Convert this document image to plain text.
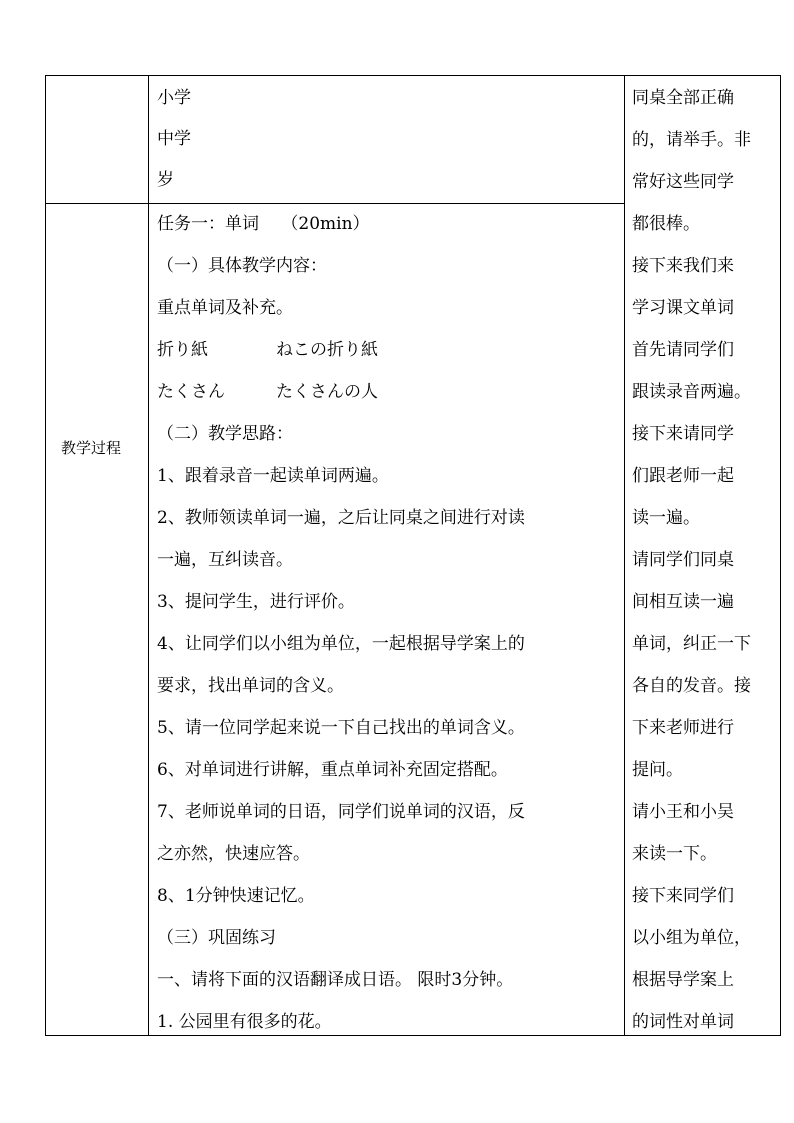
小学
中学
岁
教学过程
任务一：单词　 （20min）
（一）具体教学内容：
重点单词及补充。
折り紙　　　　ねこの折り紙
たくさん　　　たくさんの人
（二）教学思路：
1、跟着录音一起读单词两遍。
2、教师领读单词一遍，之后让同桌之间进行对读
一遍，互纠读音。
3、提问学生，进行评价。
4、让同学们以小组为单位，一起根据导学案上的
要求，找出单词的含义。
5、请一位同学起来说一下自己找出的单词含义。
6、对单词进行讲解，重点单词补充固定搭配。
7、老师说单词的日语，同学们说单词的汉语，反
之亦然，快速应答。
8、1分钟快速记忆。
（三）巩固练习
一、请将下面的汉语翻译成日语。 限时3分钟。
1. 公园里有很多的花。
同桌全部正确
的，请举手。非
常好这些同学
都很棒。
接下来我们来
学习课文单词
首先请同学们
跟读录音两遍。
接下来请同学
们跟老师一起
读一遍。
请同学们同桌
间相互读一遍
单词，纠正一下
各自的发音。接
下来老师进行
提问。
请小王和小吴
来读一下。
接下来同学们
以小组为单位，
根据导学案上
的词性对单词
